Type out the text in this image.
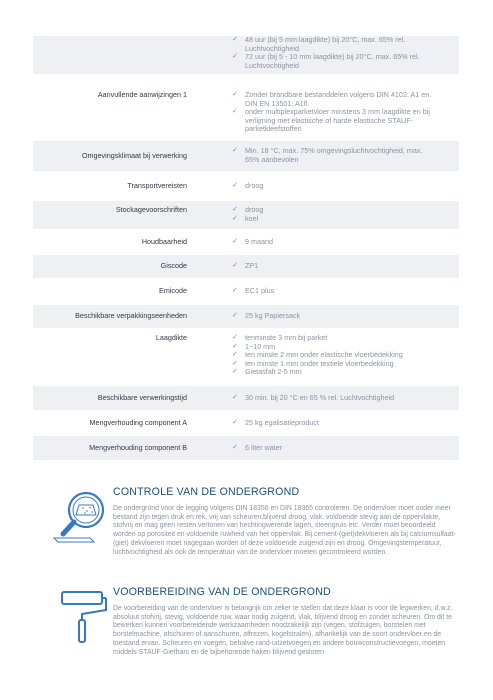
✓ 48 uur (bij 5 mm laagdikte) bij 20°C, max. 65% rel. Luchtvochtigheid
✓ 72 uur (bij 5 - 10 mm laagdikte) bij 20°C, max. 65% rel. Luchtvochtigheid
Aanvullende aanwijzingen 1	✓ Zonder brandbare bestanddelen volgens DIN 4102: A1 en. DIN EN 13501: A1fl.
✓ onder multiplexparketvloer minstens 3 mm laagdikte en bij verlijming met elastische of harde elastische STAUF-parketkleefstoffen
Omgevingsklimaat bij verwerking	✓ Min. 18 °C, max. 75% omgevingsluchtvochtigheid, max. 65% aanbevolen
Transportvereisten	✓ droog
Stockagevoorschriften	✓ droog
✓ koel
Houdbaarheid	✓ 9 maand
Giscode	✓ ZP1
Emicode	✓ EC1 plus
Beschikbare verpakkingseenheden	✓ 25 kg Papiersack
Laagdikte	✓ tenminste 3 mm bij parket
✓ 1~10 mm
✓ ten minste 2 mm onder elastische vloerbedekking
✓ ten minste 1 mm onder textiele vloerbedekking
✓ Gietasfalt 2-5 mm
Beschikbare verwerkingstijd	✓ 30 min. bij 20 °C en 65 % rel. Luchtvochtigheid
Mengverhouding component A	✓ 25 kg egalisatieproduct
Mengverhouding component B	✓ 6 liter water
CONTROLE VAN DE ONDERGROND
De ondergrond voor de legging volgens DIN 18356 en DIN 18365 controleren. De ondervloer moet onder meer bestand zijn tegen druk en rek, vrij van scheuren,blijvend droog, vlak, voldoende stevig aan de oppervlakte, stofvrij en mag geen resten vertonen van hechtingwerende lagen, steengruis etc. Verder moet beoordeeld worden op porositeit en voldoende ruwheid van het oppervlak. Bij cement-(giet)dekvloeren als bij calciumsulfaat-(giet) dekvloeren moet nagegaan worden of deze voldoende zuigend zijn en droog. Omgevingstemperatuur, luchtvochtigheid als ook de temperatuur van de ondervloer moeten gecontroleerd worden.
VOORBEREIDING VAN DE ONDERGROND
De voorbereiding van de ondervloer is belangrijk om zeker te stellen dat deze klaar is voor de legwerken, d.w.z. absoluut stofvrij, stevig, voldoende ruw, waar nodig zuigend, vlak, blijvend droog en zonder scheuren. Om dit te bewerken kunnen voorbereidende werkzaamheden noodzakelijk zijn (vegen, stofzuigen, borstelen met borstelmachine, afschuren of aanschuren, affrezen, kogelstralen), afhankelijk van de soort ondervloer en de toestand ervan. Scheuren en voegen, behalve rand-uitzetvoegen en andere bouwconstructievoegen, moeten middels STAUF-Giethars en de bijbehorende haken blijvend gesloten
